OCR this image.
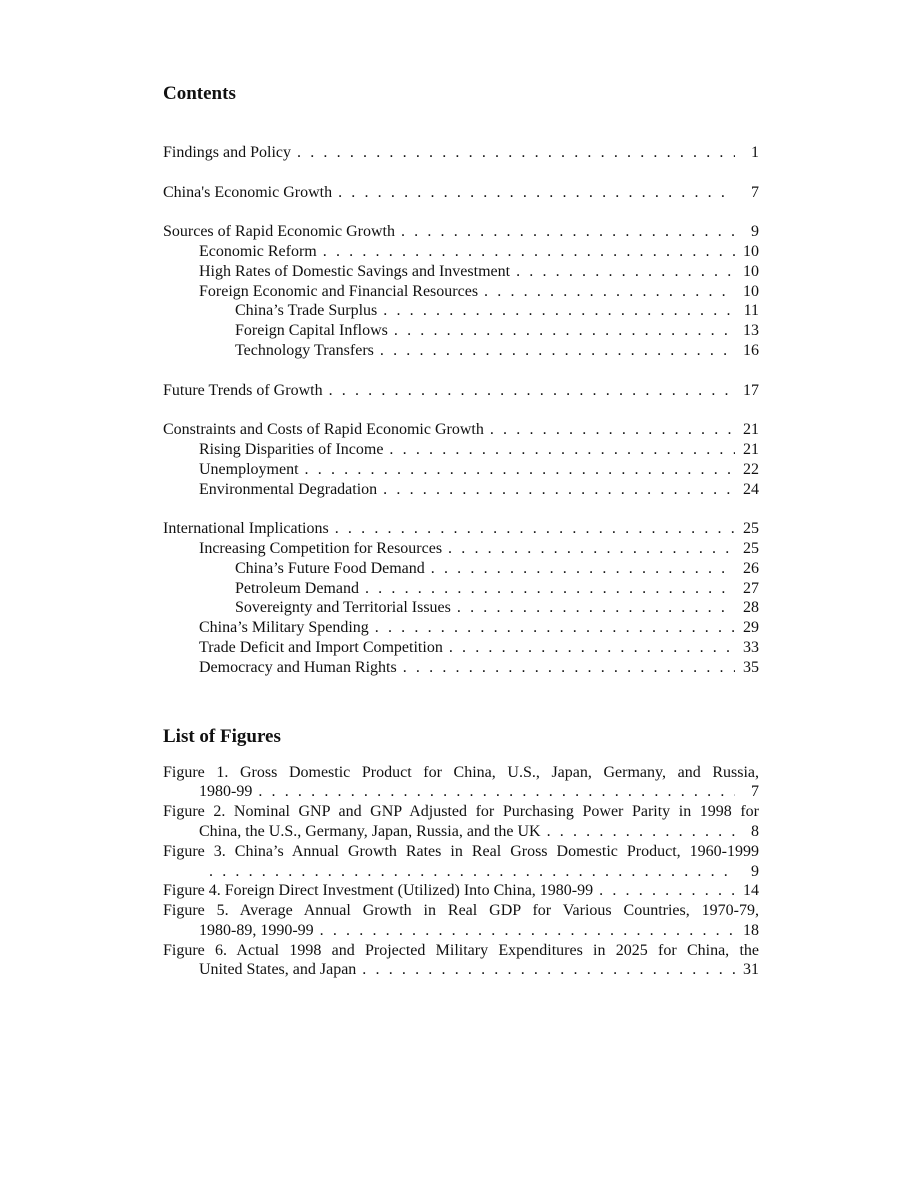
Contents
Findings and Policy . . .	1
China's Economic Growth . . .	7
Sources of Rapid Economic Growth . . .	9
Economic Reform . . .	10
High Rates of Domestic Savings and Investment . . .	10
Foreign Economic and Financial Resources . . .	10
China’s Trade Surplus . . .	11
Foreign Capital Inflows . . .	13
Technology Transfers . . .	16
Future Trends of Growth . . .	17
Constraints and Costs of Rapid Economic Growth . . .	21
Rising Disparities of Income . . .	21
Unemployment . . .	22
Environmental Degradation . . .	24
International Implications . . .	25
Increasing Competition for Resources . . .	25
China’s Future Food Demand . . .	26
Petroleum Demand . . .	27
Sovereignty and Territorial Issues . . .	28
China’s Military Spending . . .	29
Trade Deficit and Import Competition . . .	33
Democracy and Human Rights . . .	35
List of Figures
Figure 1. Gross Domestic Product for China, U.S., Japan, Germany, and Russia,
1980-99 . . .	7
Figure 2. Nominal GNP and GNP Adjusted for Purchasing Power Parity in 1998 for
China, the U.S., Germany, Japan, Russia, and the UK . . .	8
Figure 3. China’s Annual Growth Rates in Real Gross Domestic Product, 1960-1999
. . .
9
Figure 4. Foreign Direct Investment (Utilized) Into China, 1980-99 . . .	14
Figure 5. Average Annual Growth in Real GDP for Various Countries, 1970-79,
1980-89, 1990-99 . . .	18
Figure 6. Actual 1998 and Projected Military Expenditures in 2025 for China, the
United States, and Japan . . .	31
